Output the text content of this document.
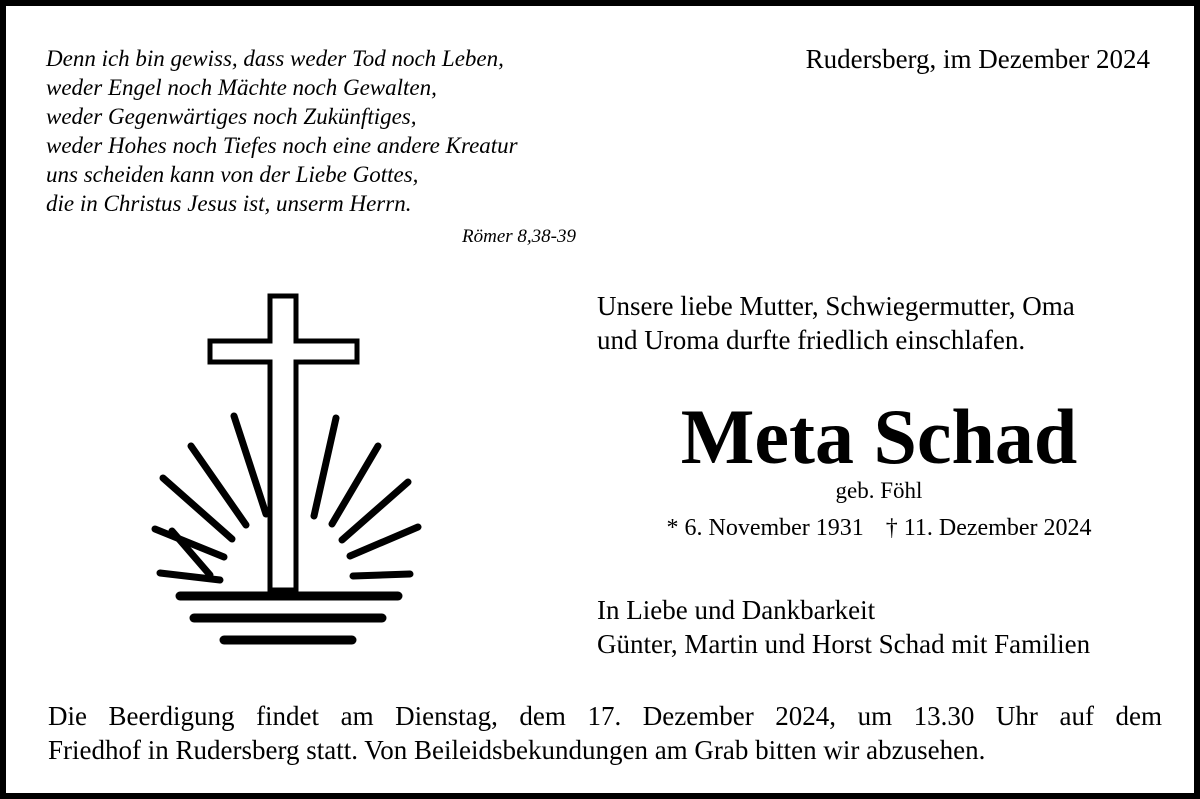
Denn ich bin gewiss, dass weder Tod noch Leben,
weder Engel noch Mächte noch Gewalten,
weder Gegenwärtiges noch Zukünftiges,
weder Hohes noch Tiefes noch eine andere Kreatur
uns scheiden kann von der Liebe Gottes,
die in Christus Jesus ist, unserm Herrn.
Römer 8,38-39
Rudersberg, im Dezember 2024
Unsere liebe Mutter, Schwiegermutter, Oma
und Uroma durfte friedlich einschlafen.
Meta Schad
geb. Föhl
* 6. November 1931 † 11. Dezember 2024
In Liebe und Dankbarkeit
Günter, Martin und Horst Schad mit Familien
Die Beerdigung findet am Dienstag, dem 17. Dezember 2024, um 13.30 Uhr auf dem
Friedhof in Rudersberg statt. Von Beileidsbekundungen am Grab bitten wir abzusehen.
